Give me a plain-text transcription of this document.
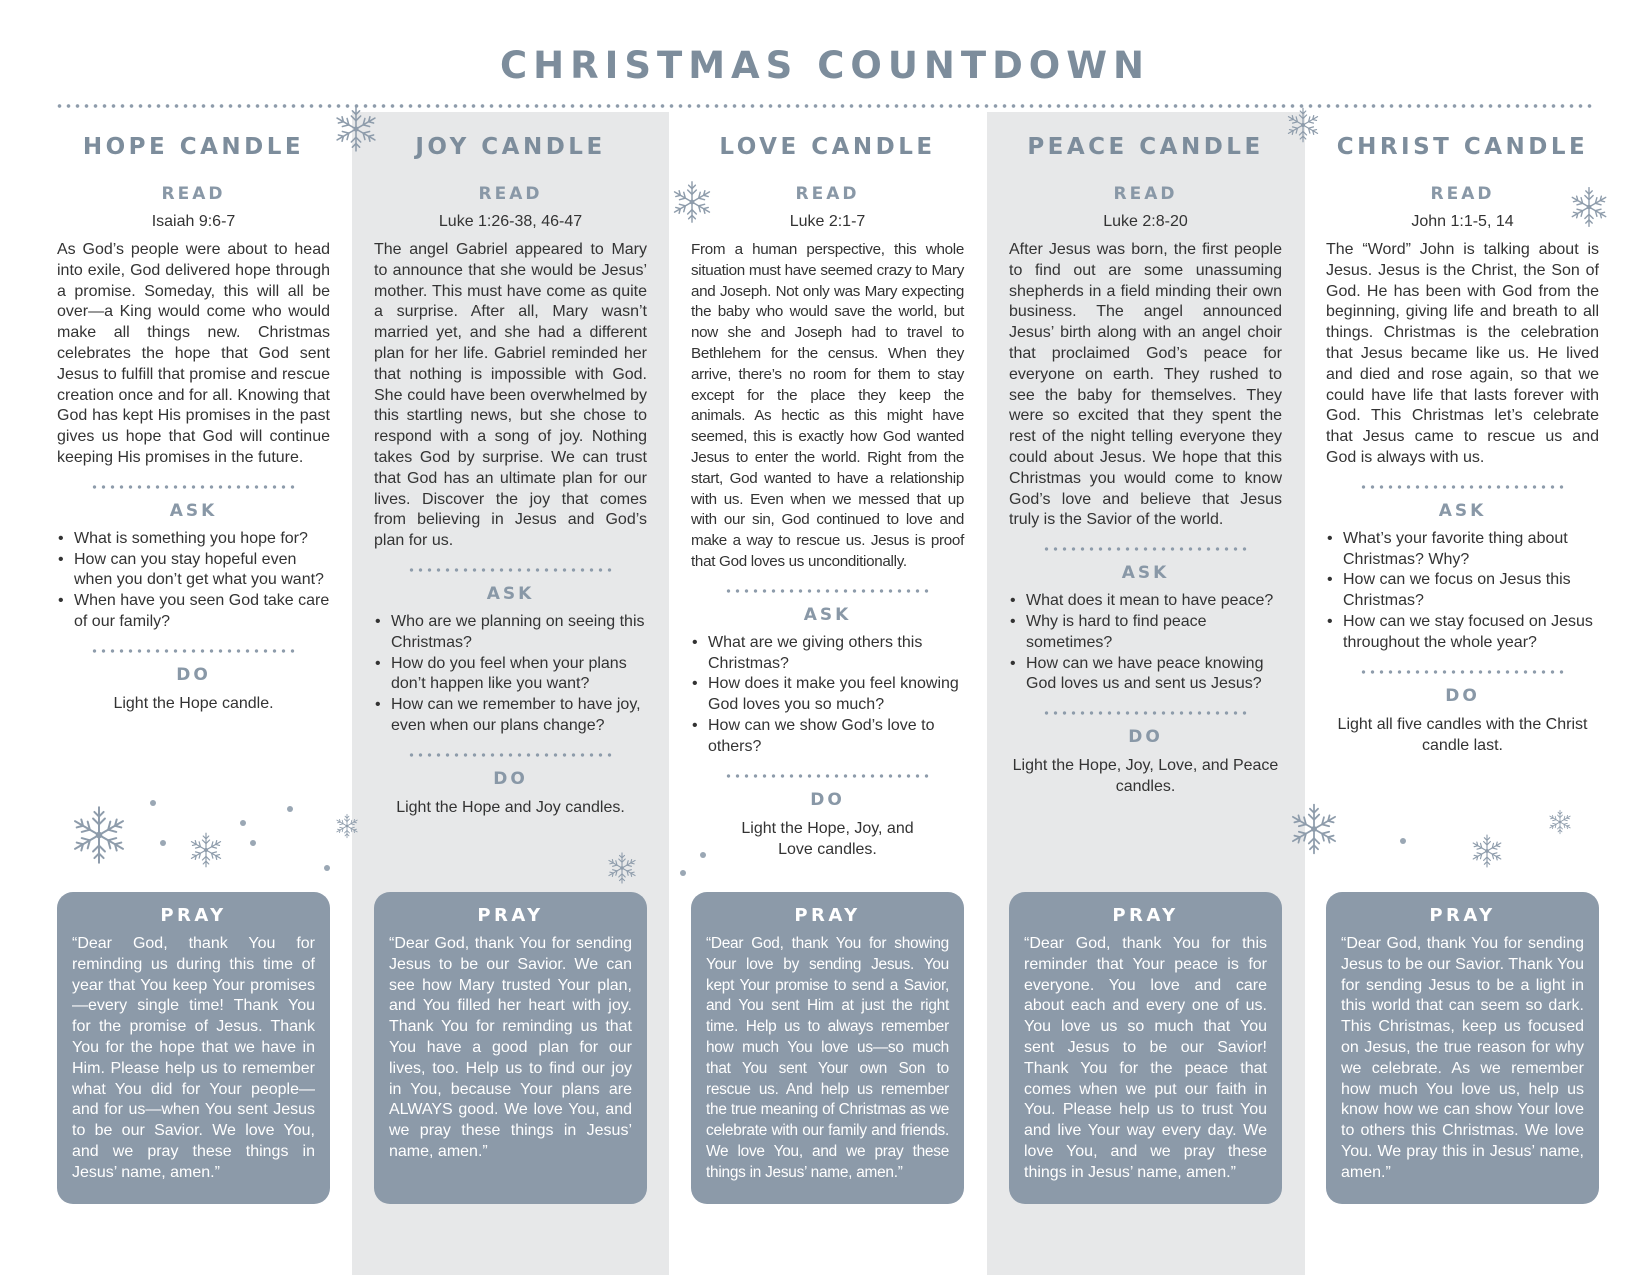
CHRISTMAS COUNTDOWN
HOPE CANDLE
READ
Isaiah 9:6-7
As God’s people were about to head into exile, God delivered hope through a promise. Someday, this will all be over—a King would come who would make all things new. Christmas celebrates the hope that God sent Jesus to fulfill that promise and rescue creation once and for all. Knowing that God has kept His promises in the past gives us hope that God will continue keeping His promises in the future.
ASK
• What is something you hope for?
• How can you stay hopeful even when you don’t get what you want?
• When have you seen God take care of our family?
DO
Light the Hope candle.
PRAY
“Dear God, thank You for reminding us during this time of year that You keep Your promises—every single time! Thank You for the promise of Jesus. Thank You for the hope that we have in Him. Please help us to remember what You did for Your people—and for us—when You sent Jesus to be our Savior. We love You, and we pray these things in Jesus’ name, amen.”
JOY CANDLE
READ
Luke 1:26-38, 46-47
The angel Gabriel appeared to Mary to announce that she would be Jesus’ mother. This must have come as quite a surprise. After all, Mary wasn’t married yet, and she had a different plan for her life. Gabriel reminded her that nothing is impossible with God. She could have been overwhelmed by this startling news, but she chose to respond with a song of joy. Nothing takes God by surprise. We can trust that God has an ultimate plan for our lives. Discover the joy that comes from believing in Jesus and God’s plan for us.
ASK
• Who are we planning on seeing this Christmas?
• How do you feel when your plans don’t happen like you want?
• How can we remember to have joy, even when our plans change?
DO
Light the Hope and Joy candles.
PRAY
“Dear God, thank You for sending Jesus to be our Savior. We can see how Mary trusted Your plan, and You filled her heart with joy. Thank You for reminding us that You have a good plan for our lives, too. Help us to find our joy in You, because Your plans are ALWAYS good. We love You, and we pray these things in Jesus’ name, amen.”
LOVE CANDLE
READ
Luke 2:1-7
From a human perspective, this whole situation must have seemed crazy to Mary and Joseph. Not only was Mary expecting the baby who would save the world, but now she and Joseph had to travel to Bethlehem for the census. When they arrive, there’s no room for them to stay except for the place they keep the animals. As hectic as this might have seemed, this is exactly how God wanted Jesus to enter the world. Right from the start, God wanted to have a relationship with us. Even when we messed that up with our sin, God continued to love and make a way to rescue us. Jesus is proof that God loves us unconditionally.
ASK
• What are we giving others this Christmas?
• How does it make you feel knowing God loves you so much?
• How can we show God’s love to others?
DO
Light the Hope, Joy, and Love candles.
PRAY
“Dear God, thank You for showing Your love by sending Jesus. You kept Your promise to send a Savior, and You sent Him at just the right time. Help us to always remember how much You love us—so much that You sent Your own Son to rescue us. And help us remember the true meaning of Christmas as we celebrate with our family and friends. We love You, and we pray these things in Jesus’ name, amen.”
PEACE CANDLE
READ
Luke 2:8-20
After Jesus was born, the first people to find out are some unassuming shepherds in a field minding their own business. The angel announced Jesus’ birth along with an angel choir that proclaimed God’s peace for everyone on earth. They rushed to see the baby for themselves. They were so excited that they spent the rest of the night telling everyone they could about Jesus. We hope that this Christmas you would come to know God’s love and believe that Jesus truly is the Savior of the world.
ASK
• What does it mean to have peace?
• Why is hard to find peace sometimes?
• How can we have peace knowing God loves us and sent us Jesus?
DO
Light the Hope, Joy, Love, and Peace candles.
PRAY
“Dear God, thank You for this reminder that Your peace is for everyone. You love and care about each and every one of us. You love us so much that You sent Jesus to be our Savior! Thank You for the peace that comes when we put our faith in You. Please help us to trust You and live Your way every day. We love You, and we pray these things in Jesus’ name, amen.”
CHRIST CANDLE
READ
John 1:1-5, 14
The “Word” John is talking about is Jesus. Jesus is the Christ, the Son of God. He has been with God from the beginning, giving life and breath to all things. Christmas is the celebration that Jesus became like us. He lived and died and rose again, so that we could have life that lasts forever with God. This Christmas let’s celebrate that Jesus came to rescue us and God is always with us.
ASK
• What’s your favorite thing about Christmas? Why?
• How can we focus on Jesus this Christmas?
• How can we stay focused on Jesus throughout the whole year?
DO
Light all five candles with the Christ candle last.
PRAY
“Dear God, thank You for sending Jesus to be our Savior. Thank You for sending Jesus to be a light in this world that can seem so dark. This Christmas, keep us focused on Jesus, the true reason for why we celebrate. As we remember how much You love us, help us know how we can show Your love to others this Christmas. We love You. We pray this in Jesus’ name, amen.”
